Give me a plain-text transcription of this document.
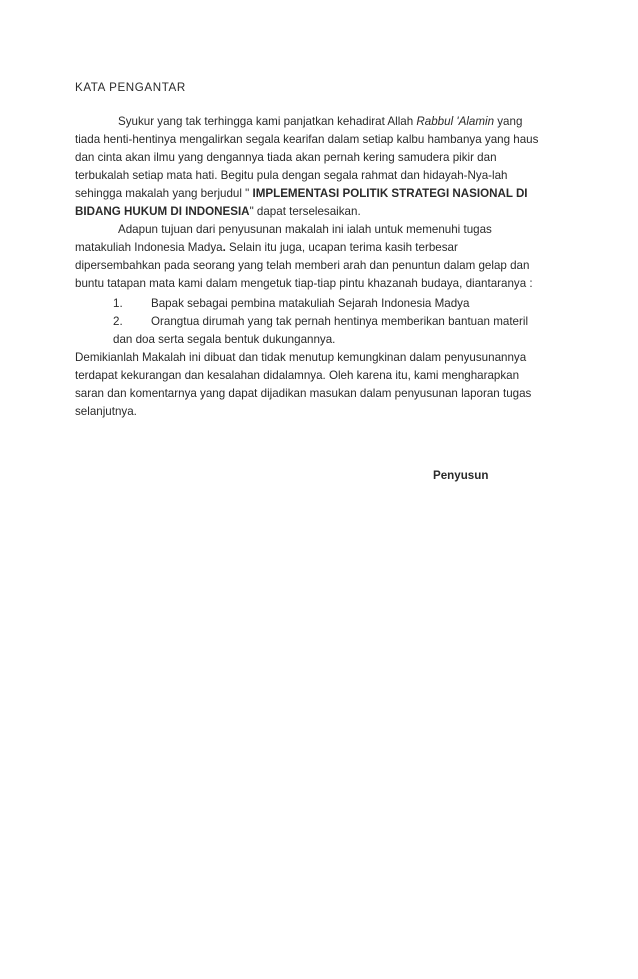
KATA PENGANTAR
Syukur yang tak terhingga kami panjatkan kehadirat Allah Rabbul 'Alamin yang
tiada henti-hentinya mengalirkan segala kearifan dalam setiap kalbu hambanya yang haus
dan cinta akan ilmu yang dengannya tiada akan pernah kering samudera pikir dan
terbukalah setiap mata hati. Begitu pula dengan segala rahmat dan hidayah-Nya-lah
sehingga makalah yang berjudul " IMPLEMENTASI POLITIK STRATEGI NASIONAL DI
BIDANG HUKUM DI INDONESIA" dapat terselesaikan.
Adapun tujuan dari penyusunan makalah ini ialah untuk memenuhi tugas
matakuliah Indonesia Madya. Selain itu juga, ucapan terima kasih terbesar
dipersembahkan pada seorang yang telah memberi arah dan penuntun dalam gelap dan
buntu tatapan mata kami dalam mengetuk tiap-tiap pintu khazanah budaya, diantaranya :
1. Bapak sebagai pembina matakuliah Sejarah Indonesia Madya
2. Orangtua dirumah yang tak pernah hentinya memberikan bantuan materil
dan doa serta segala bentuk dukungannya.
Demikianlah Makalah ini dibuat dan tidak menutup kemungkinan dalam penyusunannya
terdapat kekurangan dan kesalahan didalamnya. Oleh karena itu, kami mengharapkan
saran dan komentarnya yang dapat dijadikan masukan dalam penyusunan laporan tugas
selanjutnya.
Penyusun
